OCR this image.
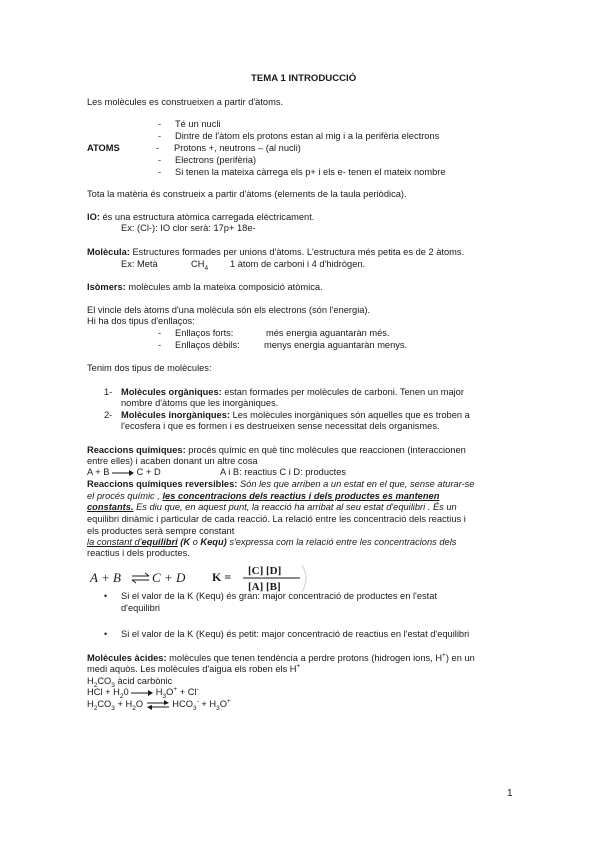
TEMA 1 INTRODUCCIÓ
Les molècules es construeixen a partir d'àtoms.
ATOMS
- Té un nucli
- Dintre de l'àtom els protons estan al mig i a la perifèria electrons
- Protons +, neutrons – (al nucli)
- Electrons (perifèria)
- Si tenen la mateixa càrrega els p+ i els e- tenen el mateix nombre
Tota la matèria és construeix a partir d'àtoms (elements de la taula periòdica).
IO: és una estructura atòmica carregada elèctricament.
Ex: (Cl-): IO clor serà: 17p+ 18e-
Molècula: Estructures formades per unions d'àtoms. L'estructura més petita es de 2 àtoms.
Ex: Metà	$CH_4$ 1 àtom de carboni i 4 d'hidrògen.
Isòmers: molècules amb la mateixa composició atòmica.
El vincle dels àtoms d'una molècula són els electrons (són l'energia).
Hi ha dos tipus d'enllaços:
- Enllaços forts:	més energia aguantaràn més.
- Enllaços dèbils:	menys energia aguantaràn menys.
Tenim dos tipus de molècules:
1- Molècules orgàniques: estan formades per molècules de carboni. Tenen un major
nombre d'àtoms que les inorgàniques.
2- Molècules inorgàniques: Les molècules inorgàniques són aquelles que es troben a
l'ecosfera i que es formen i es destrueixen sense necessitat dels organismes.
Reaccions químiques: procés químic en què tinc molècules que reaccionen (interaccionen
entre elles) i acaben donant un altre cosa
A + B	C + D	A i B: reactius C i D: productes
Reaccions químiques reversibles: Són les que arriben a un estat en el que, sense aturar-se
el procés químic , les concentracions dels reactius i dels productes es mantenen
constants. Es diu que, en aquest punt, la reacció ha arribat al seu estat d'equilibri . És un
equilibri dinàmic i particular de cada reacció. La relació entre les concentració dels reactius i
els productes serà sempre constant
la constant d'equilibri (K o Kequ) s'expressa com la relació entre les concentracions dels
reactius i dels productes.
A + B C + D K = [C] [D]
[A] [B]
• Si el valor de la K (Kequ) és gran: major concentració de productes en l'estat
d'equilibri
• Si el valor de la K (Kequ) és petit: major concentració de reactius en l'estat d'equilibri
Molècules àcides: molècules que tenen tendència a perdre protons (hidrogen ions, H+) en un
medi aquòs. Les molècules d'aigua els roben els H+
$H_2CO_3$ àcid carbònic
HCl + $H_20$	$H_3O^+ + Cl^-$
$H_2CO_3 + H_2O$ ⇌ $HCO_3^- + H_3O^+$
1
